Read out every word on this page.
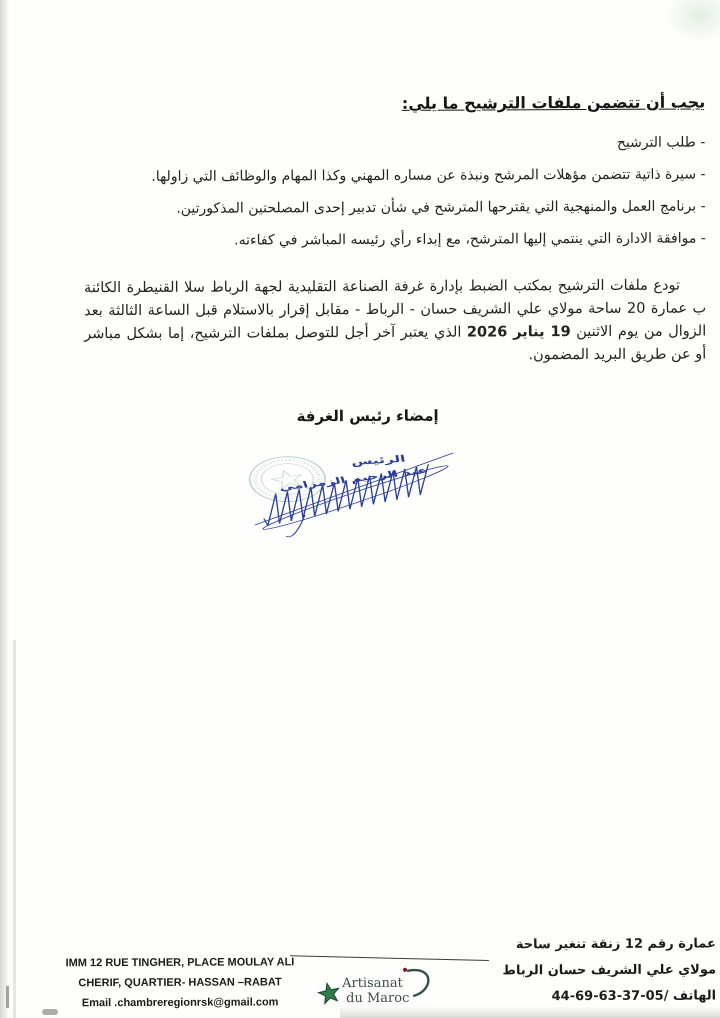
يجب أن تتضمن ملفات الترشيح ما يلي:
- طلب الترشيح
- سيرة ذاتية تتضمن مؤهلات المرشح ونبذة عن مساره المهني وكذا المهام والوظائف التي زاولها.
- برنامج العمل والمنهجية التي يقترحها المترشح في شأن تدبير إحدى المصلحتين المذكورتين.
- موافقة الادارة التي ينتمي إليها المترشح، مع إبداء رأي رئيسه المباشر في كفاءته.

تودع ملفات الترشيح بمكتب الضبط بإدارة غرفة الصناعة التقليدية لجهة الرباط سلا القنيطرة الكائنة ب عمارة 20 ساحة مولاي علي الشريف حسان - الرباط - مقابل إقرار بالاستلام قبل الساعة الثالثة بعد الزوال من يوم الاثنين 19 يناير 2026 الذي يعتبر آخر أجل للتوصل بملفات الترشيح، إما بشكل مباشر أو عن طريق البريد المضمون.

إمضاء رئيس الغرفة
الرئيس
عبد الرحيم الزمزامي
IMM 12 RUE TINGHER, PLACE MOULAY ALI
CHERIF, QUARTIER- HASSAN –RABAT
Email .chambreregionrsk@gmail.com
Artisanat
du Maroc
عمارة رقم 12 زنقة تنغير ساحة
مولاي علي الشريف حسان الرباط
الهاتف /05-37-63-69-44
